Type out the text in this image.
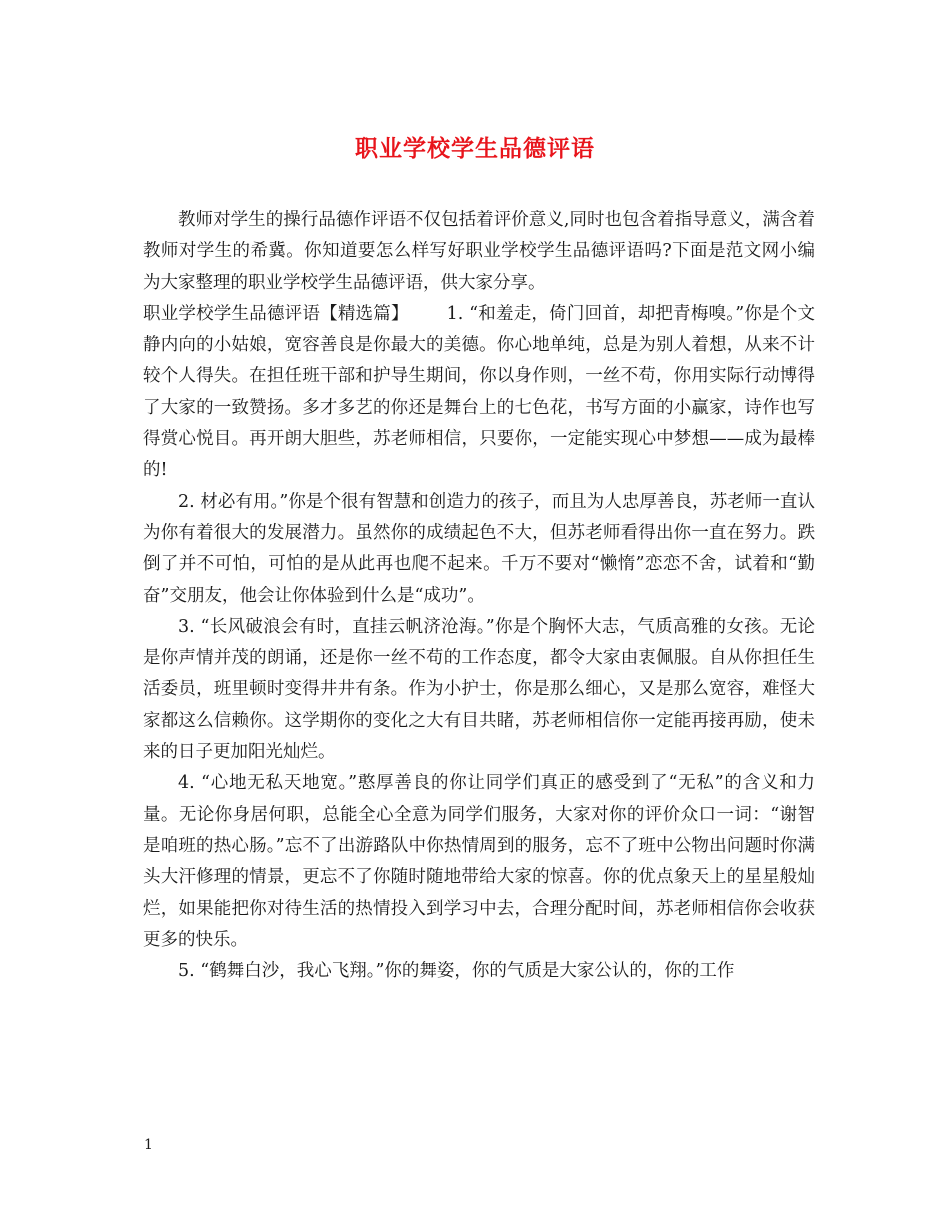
职业学校学生品德评语

教师对学生的操行品德作评语不仅包括着评价意义,同时也包含着指导意义，满含着教师对学生的希冀。你知道要怎么样写好职业学校学生品德评语吗?下面是范文网小编为大家整理的职业学校学生品德评语，供大家分享。

职业学校学生品德评语【精选篇】 1. “和羞走，倚门回首，却把青梅嗅。”你是个文静内向的小姑娘，宽容善良是你最大的美德。你心地单纯，总是为别人着想，从来不计较个人得失。在担任班干部和护导生期间，你以身作则，一丝不苟，你用实际行动博得了大家的一致赞扬。多才多艺的你还是舞台上的七色花，书写方面的小赢家，诗作也写得赏心悦目。再开朗大胆些，苏老师相信，只要你，一定能实现心中梦想——成为最棒的!

2. 材必有用。”你是个很有智慧和创造力的孩子，而且为人忠厚善良，苏老师一直认为你有着很大的发展潜力。虽然你的成绩起色不大，但苏老师看得出你一直在努力。跌倒了并不可怕，可怕的是从此再也爬不起来。千万不要对“懒惰”恋恋不舍，试着和“勤奋”交朋友，他会让你体验到什么是“成功”。

3. “长风破浪会有时，直挂云帆济沧海。”你是个胸怀大志，气质高雅的女孩。无论是你声情并茂的朗诵，还是你一丝不苟的工作态度，都令大家由衷佩服。自从你担任生活委员，班里顿时变得井井有条。作为小护士，你是那么细心，又是那么宽容，难怪大家都这么信赖你。这学期你的变化之大有目共睹，苏老师相信你一定能再接再励，使未来的日子更加阳光灿烂。

4. “心地无私天地宽。”憨厚善良的你让同学们真正的感受到了“无私”的含义和力量。无论你身居何职，总能全心全意为同学们服务，大家对你的评价众口一词：“谢智是咱班的热心肠。”忘不了出游路队中你热情周到的服务，忘不了班中公物出问题时你满头大汗修理的情景，更忘不了你随时随地带给大家的惊喜。你的优点象天上的星星般灿烂，如果能把你对待生活的热情投入到学习中去，合理分配时间，苏老师相信你会收获更多的快乐。

5. “鹤舞白沙，我心飞翔。”你的舞姿，你的气质是大家公认的，你的工作

1
